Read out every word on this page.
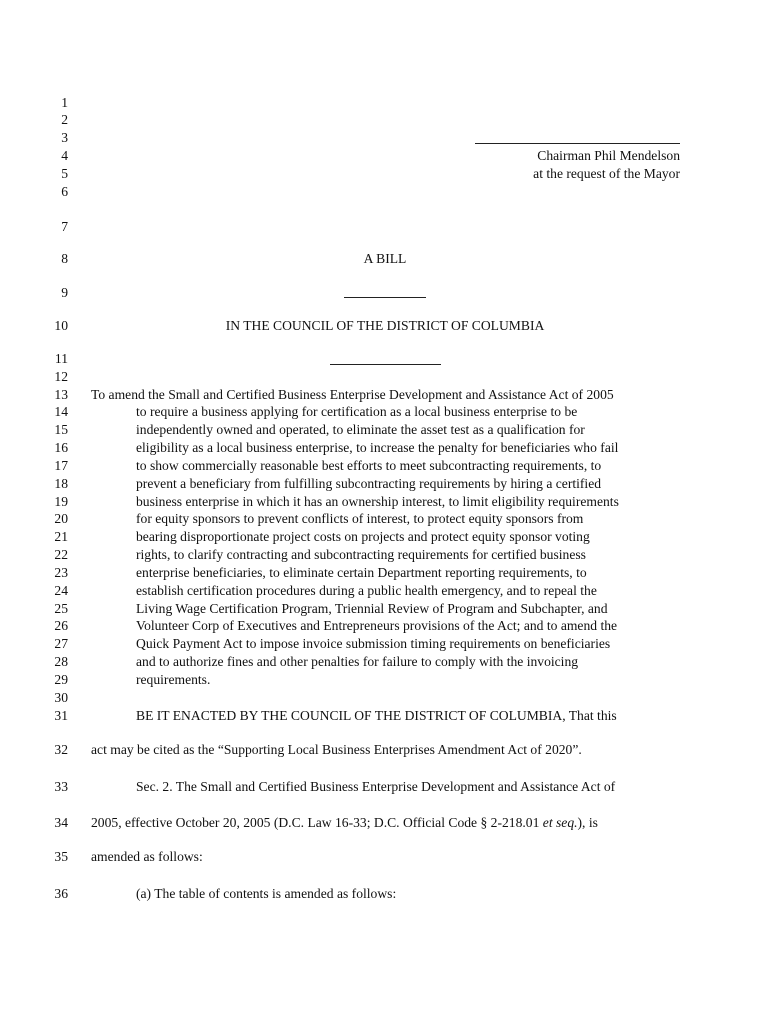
1
2
3
4
5
6
7
8
9
10
11
12
13
14
15
16
17
18
19
20
21
22
23
24
25
26
27
28
29
30
31
32
33
34
35
36
Chairman Phil Mendelson
at the request of the Mayor
A BILL
IN THE COUNCIL OF THE DISTRICT OF COLUMBIA
To amend the Small and Certified Business Enterprise Development and Assistance Act of 2005
to require a business applying for certification as a local business enterprise to be
independently owned and operated, to eliminate the asset test as a qualification for
eligibility as a local business enterprise, to increase the penalty for beneficiaries who fail
to show commercially reasonable best efforts to meet subcontracting requirements, to
prevent a beneficiary from fulfilling subcontracting requirements by hiring a certified
business enterprise in which it has an ownership interest, to limit eligibility requirements
for equity sponsors to prevent conflicts of interest, to protect equity sponsors from
bearing disproportionate project costs on projects and protect equity sponsor voting
rights, to clarify contracting and subcontracting requirements for certified business
enterprise beneficiaries, to eliminate certain Department reporting requirements, to
establish certification procedures during a public health emergency, and to repeal the
Living Wage Certification Program, Triennial Review of Program and Subchapter, and
Volunteer Corp of Executives and Entrepreneurs provisions of the Act; and to amend the
Quick Payment Act to impose invoice submission timing requirements on beneficiaries
and to authorize fines and other penalties for failure to comply with the invoicing
requirements.
BE IT ENACTED BY THE COUNCIL OF THE DISTRICT OF COLUMBIA, That this
act may be cited as the “Supporting Local Business Enterprises Amendment Act of 2020”.
Sec. 2. The Small and Certified Business Enterprise Development and Assistance Act of
2005, effective October 20, 2005 (D.C. Law 16-33; D.C. Official Code § 2-218.01 et seq.), is
amended as follows:
(a) The table of contents is amended as follows:
